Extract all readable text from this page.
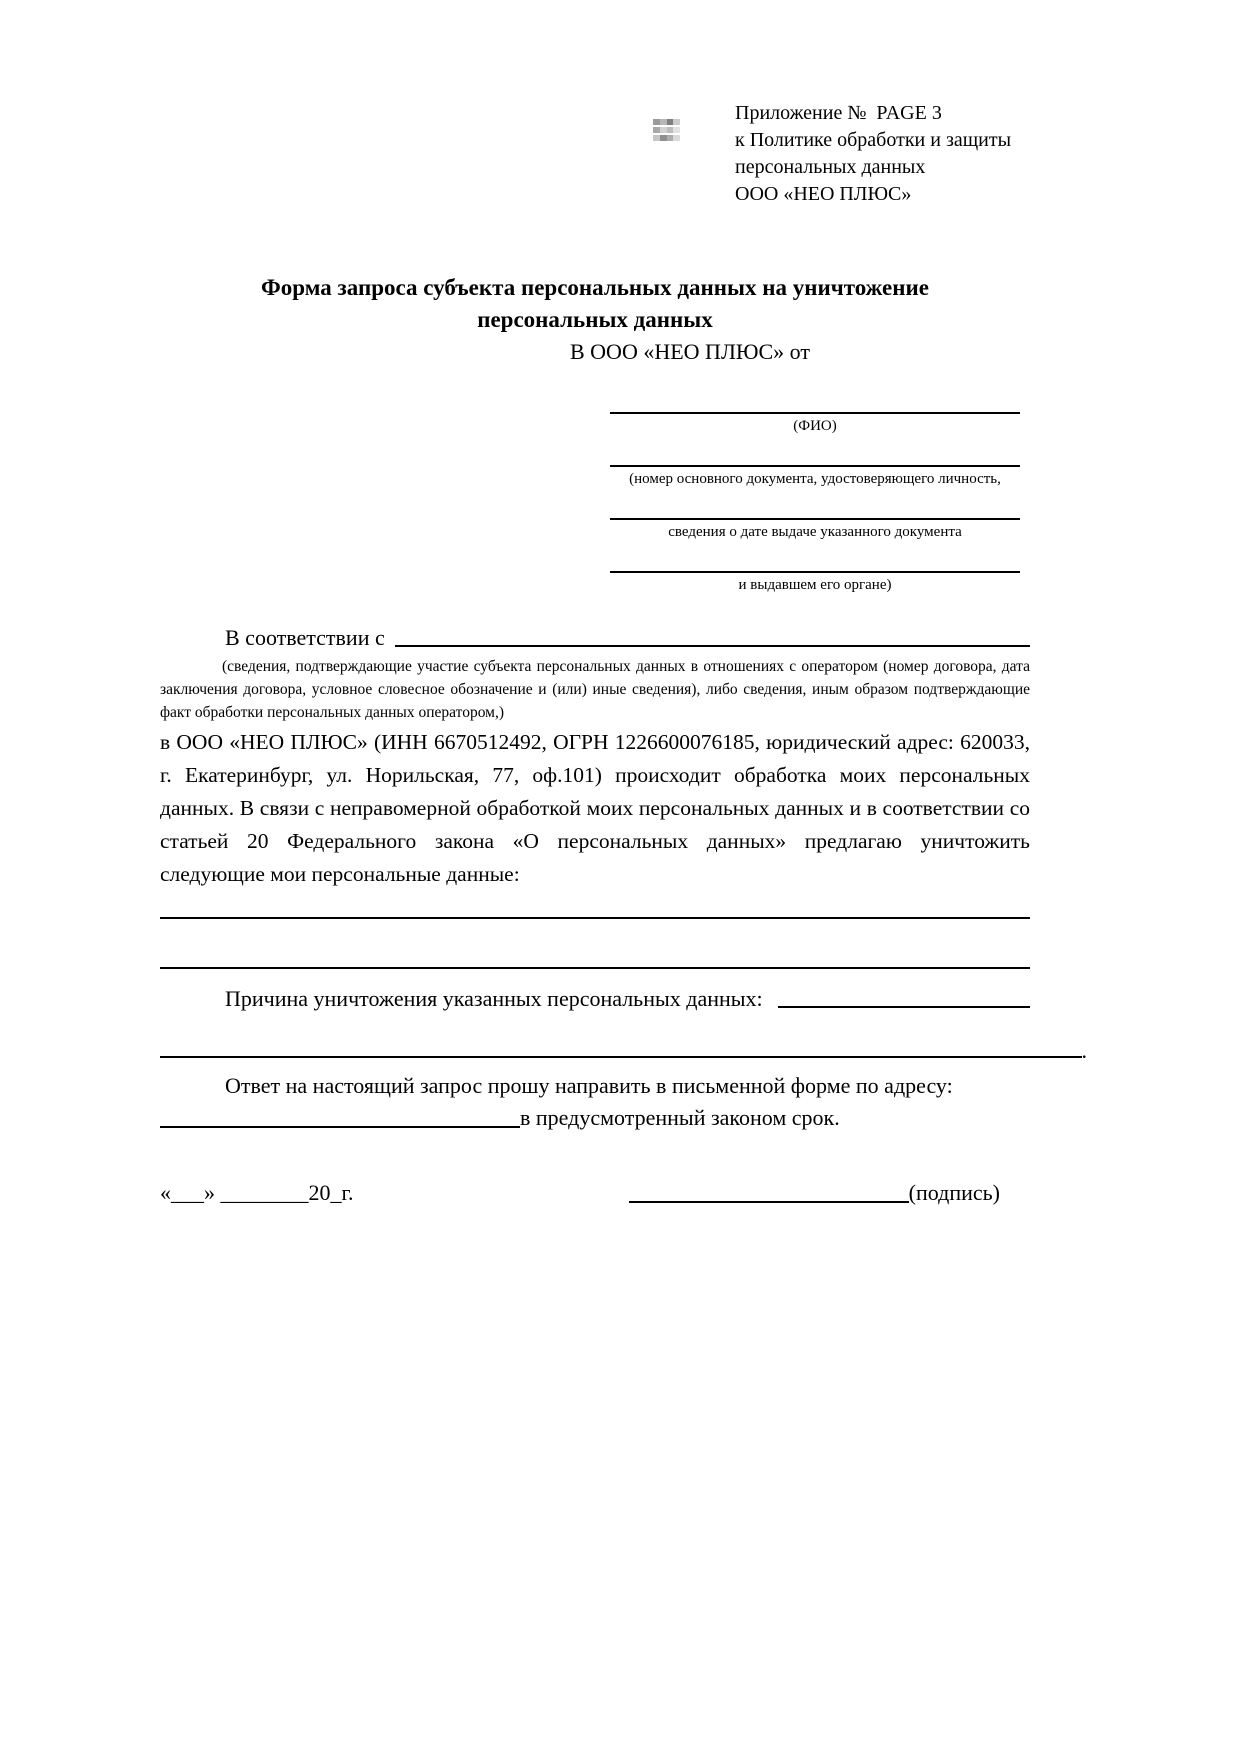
Приложение №  PAGE 3
к Политике обработки и защиты
персональных данных
ООО «НЕО ПЛЮС»
Форма запроса субъекта персональных данных на уничтожение
персональных данных
В ООО «НЕО ПЛЮС» от
(ФИО)
(номер основного документа, удостоверяющего личность,
сведения о дате выдаче указанного документа
и выдавшем его органе)
В соответствии с

(сведения, подтверждающие участие субъекта персональных данных в отношениях с оператором (номер договора, дата заключения договора, условное словесное обозначение и (или) иные сведения), либо сведения, иным образом подтверждающие факт обработки персональных данных оператором,)

в ООО «НЕО ПЛЮС» (ИНН 6670512492, ОГРН 1226600076185, юридический адрес: 620033, г. Екатеринбург, ул. Норильская, 77, оф.101) происходит обработка моих персональных данных. В связи с неправомерной обработкой моих персональных данных и в соответствии со статьей 20 Федерального закона «О персональных данных» предлагаю уничтожить следующие мои персональные данные:

Причина уничтожения указанных персональных данных:
.
Ответ на настоящий запрос прошу направить в письменной форме по адресу:
в предусмотренный законом срок.
«___» ________20_г.	(подпись)
